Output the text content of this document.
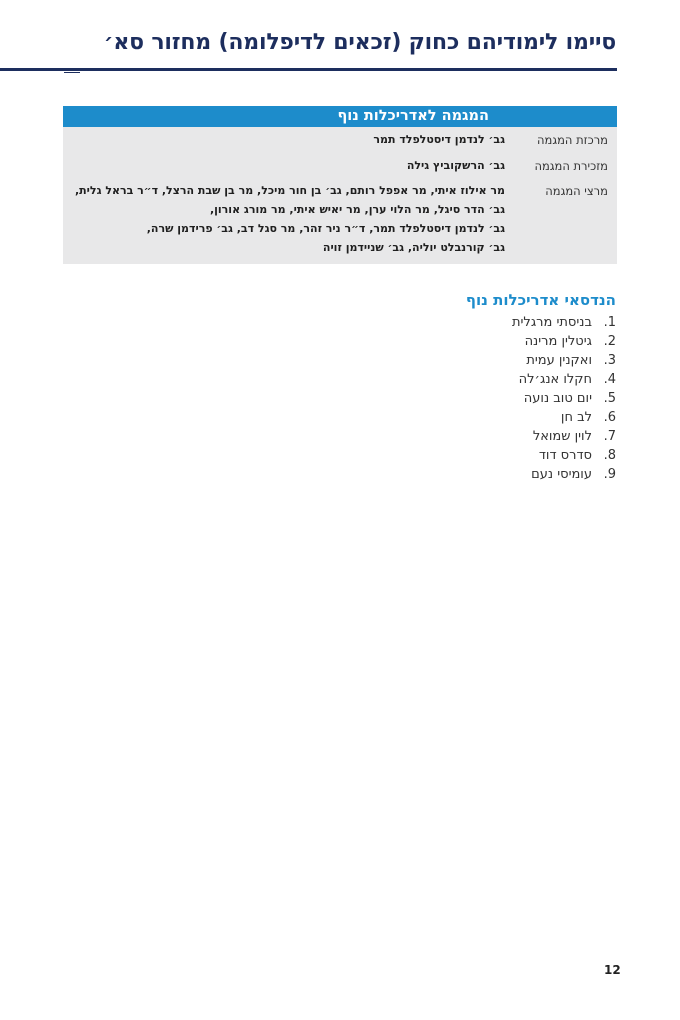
סיימו לימודיהם כחוק (זכאים לדיפלומה) מחזור סא׳
המגמה לאדריכלות נוף
מרכזת המגמה
גב׳ לנדמן דיסטלפלד תמר
מזכירת המגמה
גב׳ הרשקוביץ גילה
מרצי המגמה
מר אילוז איתי, מר אפפל רותם, גב׳ בן חור מיכל, מר בן שבת הרצל, ד״ר בראל גלית,
גב׳ הדר סיגל, מר הלוי ערן, מר יאיש איתי, מר מורג אורון,
גב׳ לנדמן דיסטלפלד תמר, ד״ר ניר זהר, מר סגל דב, גב׳ פרידמן שרה,
גב׳ קורנבלט יוליה, גב׳ שניידמן זויה
הנדסאי אדריכלות נוף
1.בניסתי מרגלית
2.גיטלין מרינה
3.ואקנין עמית
4.חקלו אנג׳לה
5.יום טוב נועה
6.לב חן
7.לוין שמואל
8.סדרס דוד
9.עומיסי נעם
12
